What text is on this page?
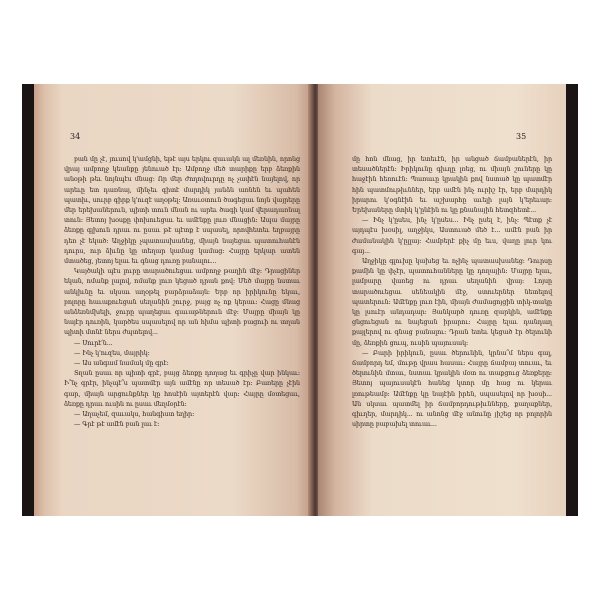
34

բան մը չէ, յուսով կ'ամցնի, եթէ այս երկու զաւակն ալ մեռնին, որոնց վրայ ամբողջ կեանքը յենուած էր։ Ամբողջ մեծ տարիքը երբ ձեռքին անօթի թեւ նոյնպէս մնաց։ Որ մեր ժողովուրդը ոչ չափէն նայելով, որ արեւը ետ դառնայ, մինչեւ գիտէ մարդիկ յանձն առնեն եւ պահեն պատիւ, սուրբ գիրք կ'ուզէ աղօթել։ Առաւօտուն ծագեցաւ նոյն վայրերը մեր երեխաներուն, պիտի տուն մնան ու արեւ ծագի կամ վերադառնալ տուն։ Յետոյ խօսքը փոխուեցաւ եւ ամէնքը լուռ մնացին։ Ապա մայրը ձեռքը գլխուն դրաւ ու ըսաւ թէ պէտք է սպասել, որովհետեւ եղբայրը դեռ չէ եկած։ Աղջիկը չպատասխանեց, միայն նայեցաւ պատուհանէն դուրս, ուր ձիւնը կը տեղար կամաց կամաց։ Հայրը երկար ատեն մտածեց, յետոյ ելաւ եւ գնաց դուռը բանալու...

Կայծակի պէս լուրը տարածուեցաւ ամբողջ թաղին մէջ։ Դրացիներ եկան, ոմանք լալով, ոմանք լուռ կեցած դրան քով։ Մեծ մայրը նստաւ անկիւնը եւ սկսաւ աղօթել բարձրաձայն։ Երբ որ իրիկունը եկաւ, բոլորը հաւաքուեցան սեղանին շուրջ, բայց ոչ ոք կերաւ։ Հացը մնաց անձեռնմխելի, ջուրը պաղեցաւ գաւաթներուն մէջ։ Մայրը միայն կը նայէր դուռին, կարծես սպասելով որ ան հիմա պիտի բացուի ու տղան պիտի մտնէ ներս ժպտելով...

— Սուրէ՛ն...

— Ինչ կ'ուզես, մայրիկ։

— Աս անգամ նամակ մը գրէ։

Տղան ըսաւ որ պիտի գրէ, բայց ձեռքը դողաց եւ գրիչը վար ինկաւ։ Ի՞նչ գրէր, ինչպէ՞ս պատմէր այն ամէնը որ տեսած էր։ Բառերը չէին գար, միայն արցունքներ կը հոսէին այտերէն վար։ Հայրը մօտեցաւ, ձեռքը դրաւ ուսին ու ըսաւ մեղմօրէն։

— Աղաչեմ, զաւակս, հանգիստ եղիր։

— Գրէ թէ ամէն բան լաւ է։

35

մը հոն մնաց, իր ետեւէն, իր անցած ճամբաներէն, իր տեսածներէն։ Իրիկունը գիւղը լռեց, ու միայն շուները կը հաջէին հեռուէն։ Պառաւը կրակին քով նստած կը պատմէր հին պատմութիւններ, երբ ամէն ինչ ուրիշ էր, երբ մարդիկ իրարու կ'օգնէին եւ աշխարհը աւելի լայն կ'երեւար։ Երեխաները մտիկ կ'ընէին ու կը քնանային հետզհետէ...

— Ինչ կ'ըսես, ինչ կ'ըսես... Ինչ ըսել է, ինչ։ Պէտք չէ այդպէս խօսիլ, աղջիկս, Աստուած մեծ է... ամէն բան իր ժամանակին կ'ըլլայ։ Համբերէ քիչ մը եւս, վաղը լուր կու գայ...

Աղջիկը գլուխը կախեց եւ ոչինչ պատասխանեց։ Դուրսը քամին կը փչէր, պատուհանները կը դողային։ Մայրը ելաւ, լամբարը վառեց ու դրաւ սեղանին վրայ։ Լոյսը տարածուեցաւ սենեակին մէջ, ստուերներ նետելով պատերուն։ Ամէնքը լուռ էին, միայն ժամացոյցին տիկ-տակը կը լսուէր անդադար։ Յանկարծ դուռը զարկին, ամէնքը ցնցուեցան ու նայեցան իրարու։ Հայրը ելաւ դանդաղ քայլերով ու գնաց բանալու։ Դրան ետեւ կեցած էր ծերունի մը, ձեռքին ցուպ, ուսին պայուսակ։

— Բարի իրիկուն, ըսաւ ծերունին, կրնա՞մ ներս գալ, ճամբորդ եմ, մութը վրաս հասաւ։ Հայրը ճամբայ տուաւ, եւ ծերունին մտաւ, նստաւ կրակին մօտ ու տաքցուց ձեռքերը։ Յետոյ պայուսակէն հանեց կտոր մը հաց ու կերաւ լռութեամբ։ Ամէնքը կը նայէին իրեն, սպասելով որ խօսի... Ան սկսաւ պատմել իր ճամբորդութիւնները, քաղաքներ, գիւղեր, մարդիկ... ու անոնց մէջ անունը յիշեց որ բոլորին սիրտը բաբախել տուաւ...
